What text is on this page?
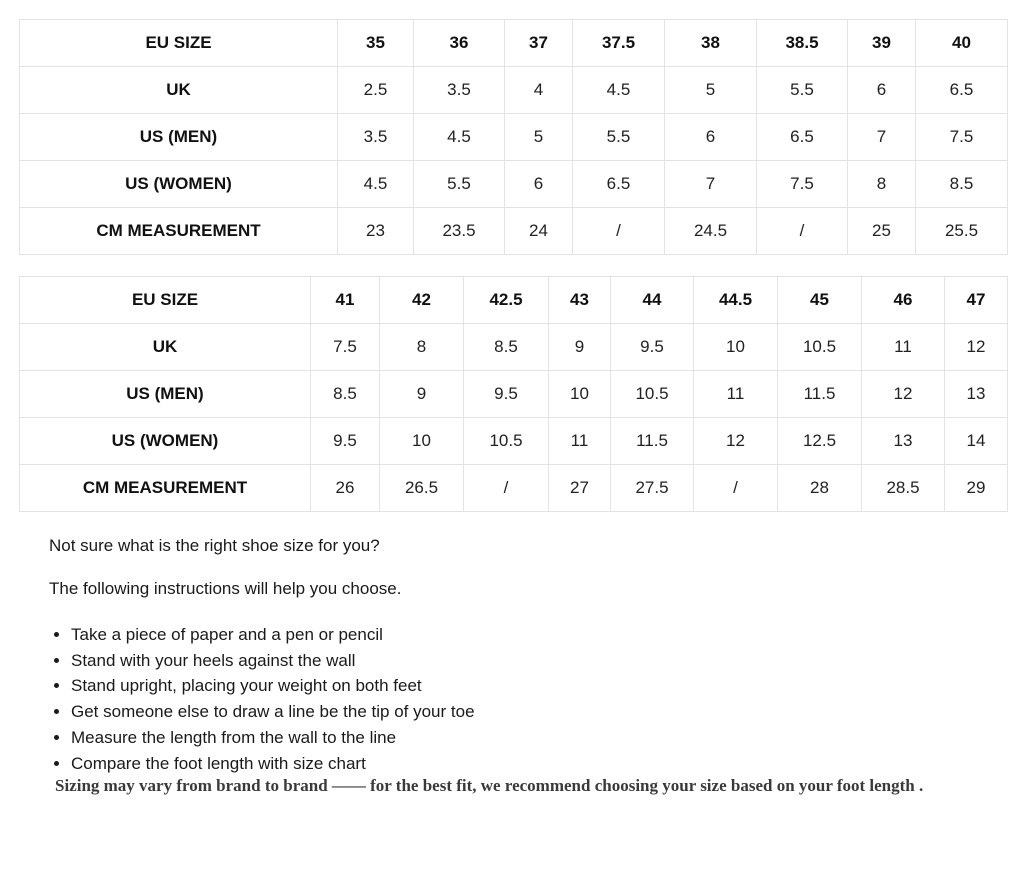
EU SIZE	35	36	37	37.5	38	38.5	39	40
UK	2.5	3.5	4	4.5	5	5.5	6	6.5
US (MEN)	3.5	4.5	5	5.5	6	6.5	7	7.5
US (WOMEN)	4.5	5.5	6	6.5	7	7.5	8	8.5
CM MEASUREMENT	23	23.5	24	/	24.5	/	25	25.5
EU SIZE	41	42	42.5	43	44	44.5	45	46	47
UK	7.5	8	8.5	9	9.5	10	10.5	11	12
US (MEN)	8.5	9	9.5	10	10.5	11	11.5	12	13
US (WOMEN)	9.5	10	10.5	11	11.5	12	12.5	13	14
CM MEASUREMENT	26	26.5	/	27	27.5	/	28	28.5	29

Not sure what is the right shoe size for you?

The following instructions will help you choose.

• Take a piece of paper and a pen or pencil
• Stand with your heels against the wall
• Stand upright, placing your weight on both feet
• Get someone else to draw a line be the tip of your toe
• Measure the length from the wall to the line
• Compare the foot length with size chart

Sizing may vary from brand to brand —— for the best fit, we recommend choosing your size based on your foot length .
